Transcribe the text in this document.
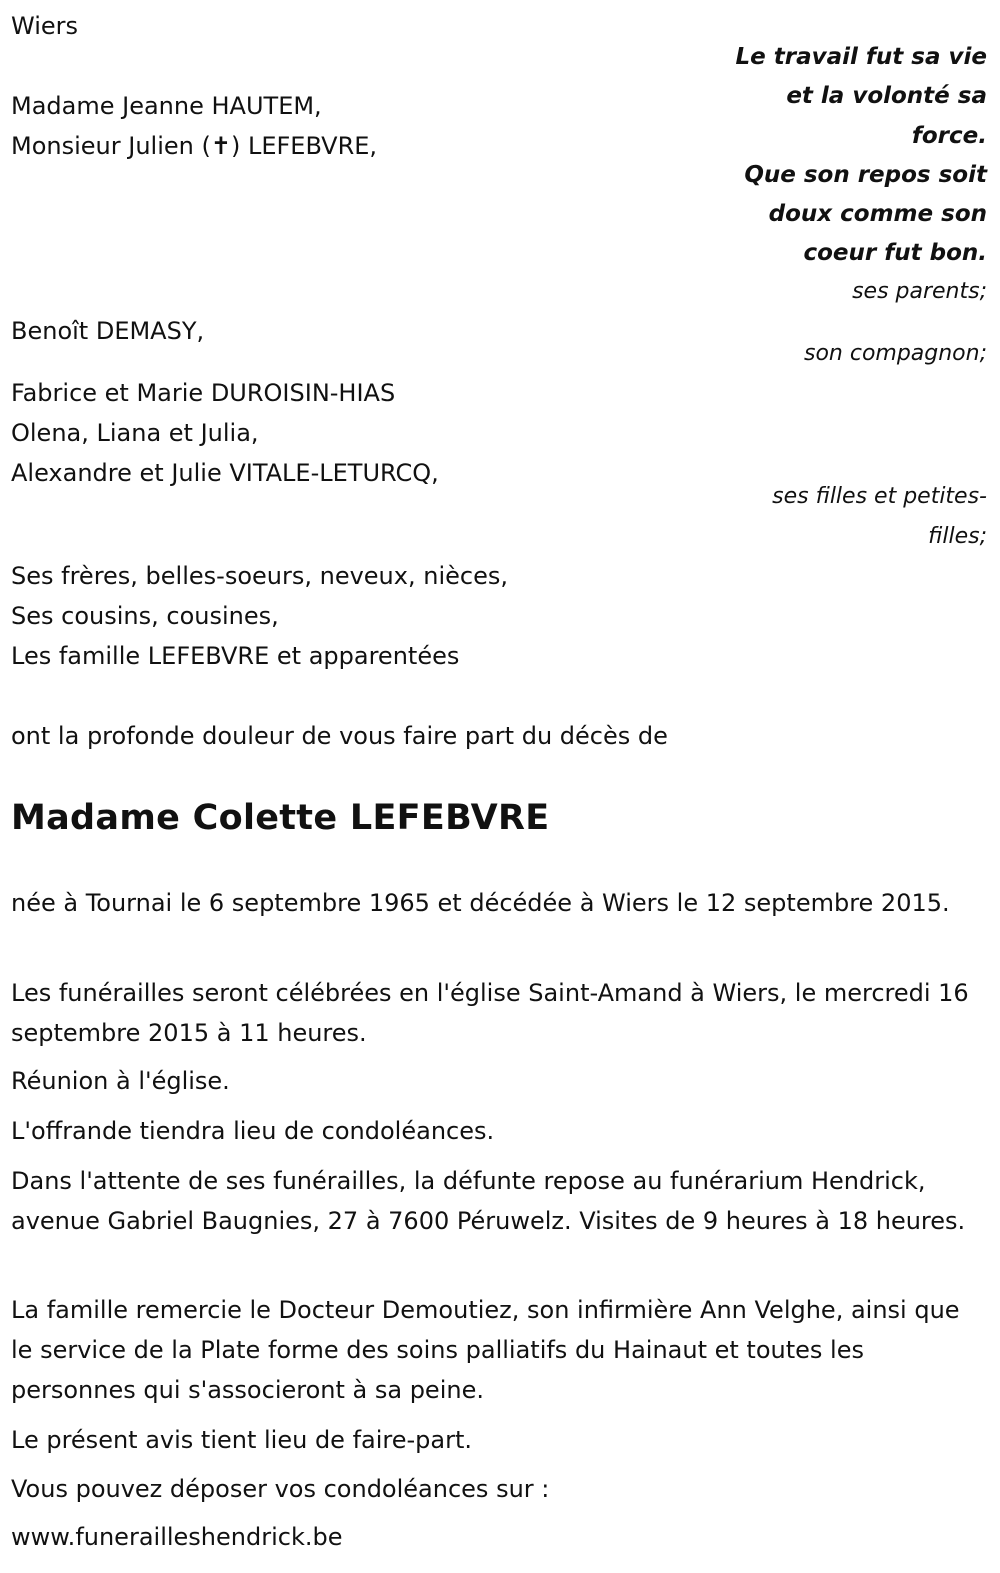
Wiers

Le travail fut sa vie
et la volonté sa
force.
Que son repos soit
doux comme son
coeur fut bon.

Madame Jeanne HAUTEM,

Monsieur Julien (✝) LEFEBVRE,

ses parents;

Benoît DEMASY,

son compagnon;

Fabrice et Marie DUROISIN-HIAS

Olena, Liana et Julia,

Alexandre et Julie VITALE-LETURCQ,

ses filles et petites-
filles;

Ses frères, belles-soeurs, neveux, nièces,

Ses cousins, cousines,

Les famille LEFEBVRE et apparentées

ont la profonde douleur de vous faire part du décès de

Madame Colette LEFEBVRE

née à Tournai le 6 septembre 1965 et décédée à Wiers le 12 septembre 2015.

Les funérailles seront célébrées en l'église Saint-Amand à Wiers, le mercredi 16 septembre 2015 à 11 heures.

Réunion à l'église.

L'offrande tiendra lieu de condoléances.

Dans l'attente de ses funérailles, la défunte repose au funérarium Hendrick, avenue Gabriel Baugnies, 27 à 7600 Péruwelz. Visites de 9 heures à 18 heures.

La famille remercie le Docteur Demoutiez, son infirmière Ann Velghe, ainsi que le service de la Plate forme des soins palliatifs du Hainaut et toutes les personnes qui s'associeront à sa peine.

Le présent avis tient lieu de faire-part.

Vous pouvez déposer vos condoléances sur :

www.funerailleshendrick.be
